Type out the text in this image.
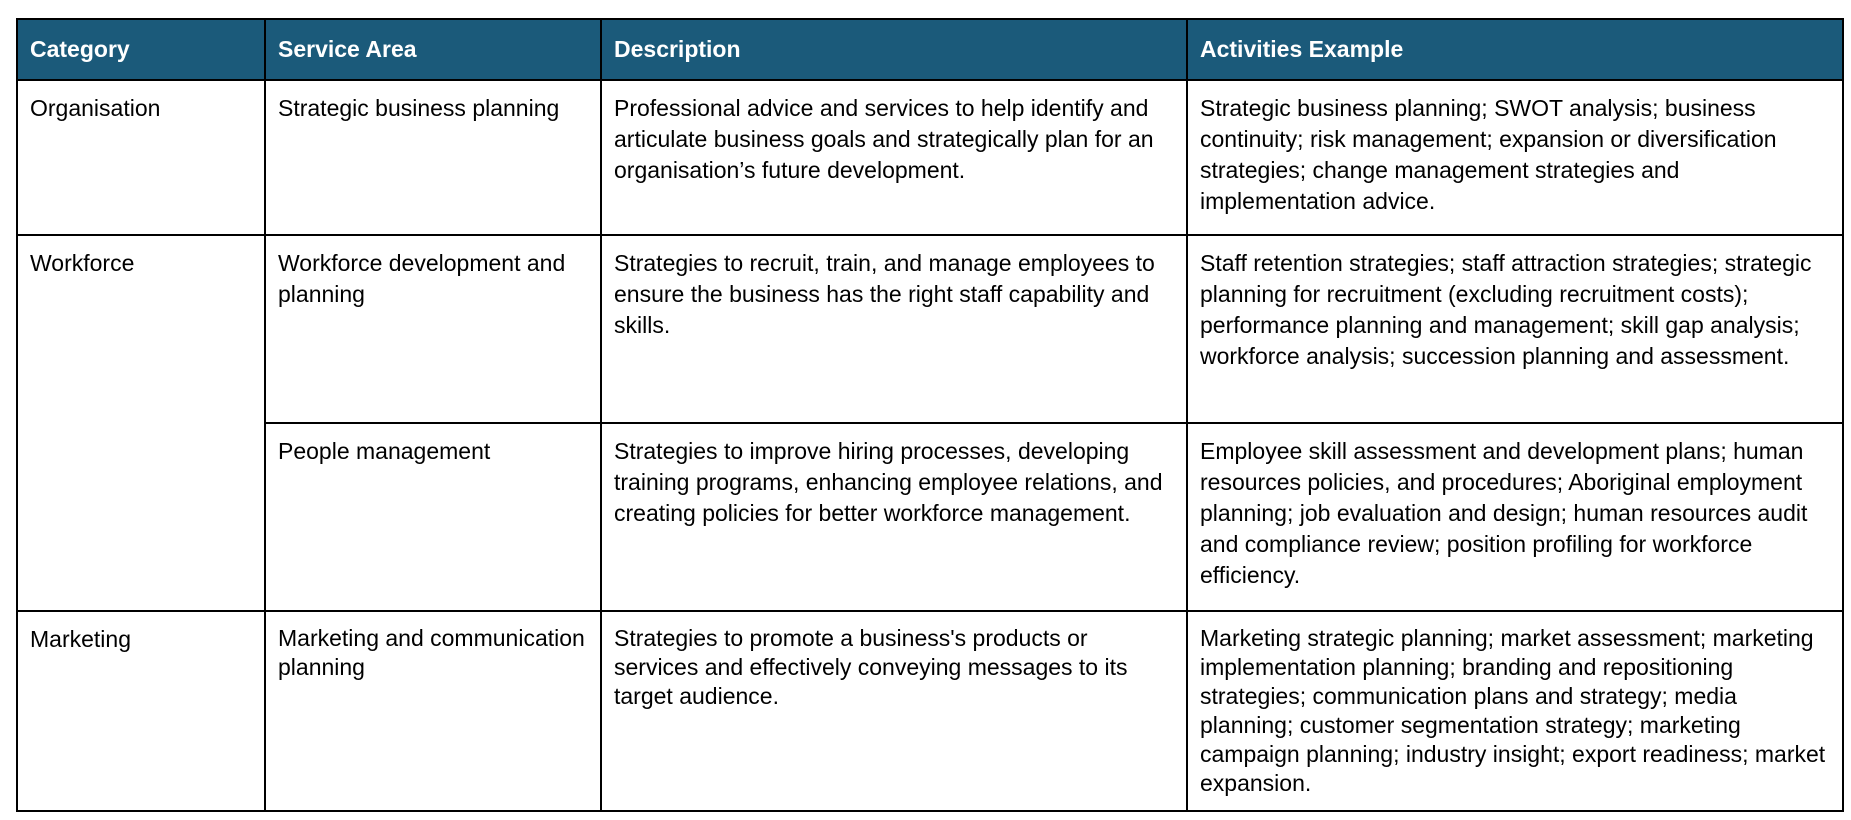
Category	Service Area	Description	Activities Example
Organisation	Strategic business planning	Professional advice and services to help identify and articulate business goals and strategically plan for an organisation’s future development.	Strategic business planning; SWOT analysis; business continuity; risk management; expansion or diversification strategies; change management strategies and implementation advice.
Workforce	Workforce development and planning	Strategies to recruit, train, and manage employees to ensure the business has the right staff capability and skills.	Staff retention strategies; staff attraction strategies; strategic planning for recruitment (excluding recruitment costs); performance planning and management; skill gap analysis; workforce analysis; succession planning and assessment.
	People management	Strategies to improve hiring processes, developing training programs, enhancing employee relations, and creating policies for better workforce management.	Employee skill assessment and development plans; human resources policies, and procedures; Aboriginal employment planning; job evaluation and design; human resources audit and compliance review; position profiling for workforce efficiency.
Marketing	Marketing and communication planning	Strategies to promote a business's products or services and effectively conveying messages to its target audience.	Marketing strategic planning; market assessment; marketing implementation planning; branding and repositioning strategies; communication plans and strategy; media planning; customer segmentation strategy; marketing campaign planning; industry insight; export readiness; market expansion.
